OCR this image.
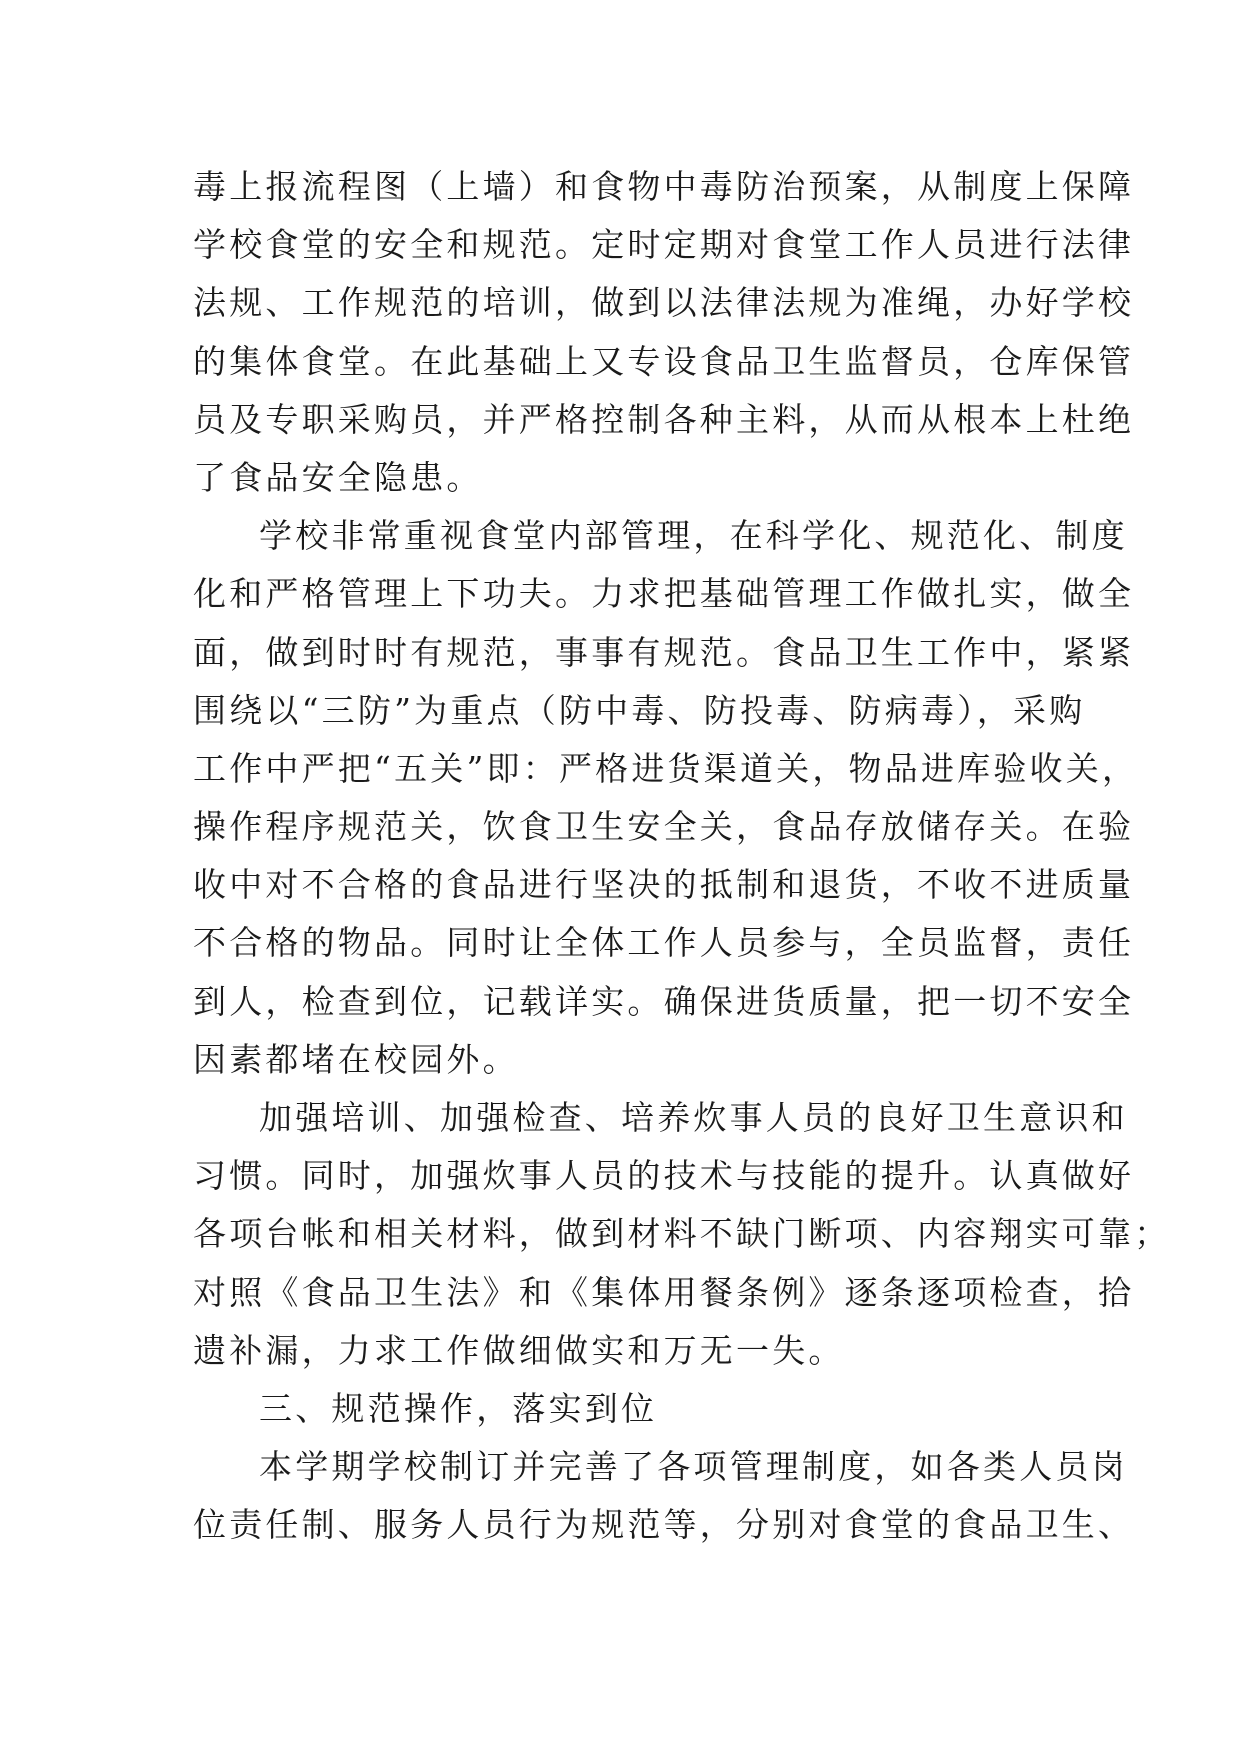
毒上报流程图（上墙）和食物中毒防治预案，从制度上保障
学校食堂的安全和规范。定时定期对食堂工作人员进行法律
法规、工作规范的培训，做到以法律法规为准绳，办好学校
的集体食堂。在此基础上又专设食品卫生监督员，仓库保管
员及专职采购员，并严格控制各种主料，从而从根本上杜绝
了食品安全隐患。
学校非常重视食堂内部管理，在科学化、规范化、制度
化和严格管理上下功夫。力求把基础管理工作做扎实，做全
面，做到时时有规范，事事有规范。食品卫生工作中，紧紧
围绕以“三防”为重点（防中毒、防投毒、防病毒），采购
工作中严把“五关”即：严格进货渠道关，物品进库验收关，
操作程序规范关，饮食卫生安全关，食品存放储存关。在验
收中对不合格的食品进行坚决的抵制和退货，不收不进质量
不合格的物品。同时让全体工作人员参与，全员监督，责任
到人，检查到位，记载详实。确保进货质量，把一切不安全
因素都堵在校园外。
加强培训、加强检查、培养炊事人员的良好卫生意识和
习惯。同时，加强炊事人员的技术与技能的提升。认真做好
各项台帐和相关材料，做到材料不缺门断项、内容翔实可靠；
对照《食品卫生法》和《集体用餐条例》逐条逐项检查，拾
遗补漏，力求工作做细做实和万无一失。
三、规范操作，落实到位
本学期学校制订并完善了各项管理制度，如各类人员岗
位责任制、服务人员行为规范等，分别对食堂的食品卫生、
